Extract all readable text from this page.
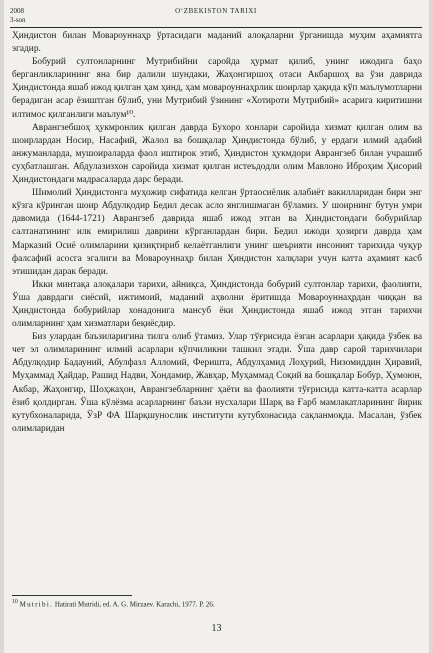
2008	O‘ZBEKISTON TARIXI
3-son

Ҳиндистон билан Мовароуннаҳр ўртасидаги маданий алоқаларни ўрганишда муҳим аҳамиятга эгадир.

Бобурий султонларнинг Мутрибийни саройда ҳурмат қилиб, унинг ижодига баҳо берганликларининг яна бир далили шундаки, Жаҳонгиршоҳ отаси Акбаршоҳ ва ўзи даврида Ҳиндистонда яшаб ижод қилган ҳам ҳинд, ҳам мовароуннаҳрлик шоирлар ҳақида кўп маълумотларни берадиган асар ёзиштган бўлиб, уни Мутрибий ўзининг «Хотироти Мутрибий» асарига киритишни илтимос қилганлиги маълум¹⁰.

Аврангзебшоҳ ҳукмронлик қилган даврда Бухоро хонлари саройида хизмат қилган олим ва шоирлардан Носир, Насафий, Жалол ва бошқалар Ҳиндистонда бўлиб, у ердаги илмий адабий анжуманларда, мушоираларда фаол иштирок этиб, Ҳиндистон ҳукмдори Аврангзеб билан учрашиб суҳбатлашган. Абдулазизхон саройида хизмат қилган истеъдодли олим Мавлоно Иброҳим Ҳисорий Ҳиндистондаги мадрасаларда дарс беради.

Шимолий Ҳиндистонга муҳожир сифатида келган ўртаосиёлик алабиёт вакилларидан бири энг кўзга кўринган шоир Абдулқодир Бедил десак асло янглишмаган бўламиз. У шоирнинг бутун умри давомида (1644-1721) Аврангзеб даврида яшаб ижод этган ва Ҳиндистондаги бобурийлар салтанатининг илк емирилиш даврини кўрганлардан бири. Бедил ижоди ҳозирги даврда ҳам Марказий Осиё олимларини қизиқтириб келаётганлиги унинг шеърияти инсоният тарихида чуқур фалсафий асосга эгалиги ва Мовароуннаҳр билан Ҳиндистон халқлари учун катта аҳамият касб этишидан дарак беради.

Икки минтақа алоқалари тарихи, айниқса, Ҳиндистонда бобурий султонлар тарихи, фаолияти, Ўша даврдаги сиёсий, ижтимоий, маданий аҳволни ёритишда Мовароуннаҳрдан чиққан ва Ҳиндистонда бобурийлар хонадонига мансуб ёки Ҳиндистонда яшаб ижод этган тарихчи олимларнинг ҳам хизматлари беқиёсдир.

Биз улардан баъзиларигина тилга олиб ўтамиз. Улар тўғрисида ёзган асарлари ҳақида ўзбек ва чет эл олимларининг илмий асарлари кўпчиликни ташкил этади. Ўша давр сарой тарихчилари Абдулқодир Бадауний, Абулфазл Алломий, Фериштa, Абдулҳамид Лоҳурий, Низомиддин Ҳиравий, Муҳаммад Ҳайдар, Рашид Надви, Хондамир, Жавҳар, Муҳаммад Соқий ва бошқалар Бобур, Ҳумоюн, Акбар, Жаҳонгир, Шоҳжаҳон, Аврангзебларнинг ҳаёти ва фаолияти тўғрисида катта-катта асарлар ёзиб қолдирган. Ўша кўлёзма асарларнинг баъзи нусхалари Шарқ ва Ғарб мамлакатларининг йирик кутубхоналарида, ЎзР ФА Шарқшунослик институти кутубхонасида сақланмоқда. Масалан, ўзбек олимларидан

$^{10}$ Mutribi. Hatirati Mutridi, ed. A. G. Mirzaev. Karachi, 1977. P. 26.
13
